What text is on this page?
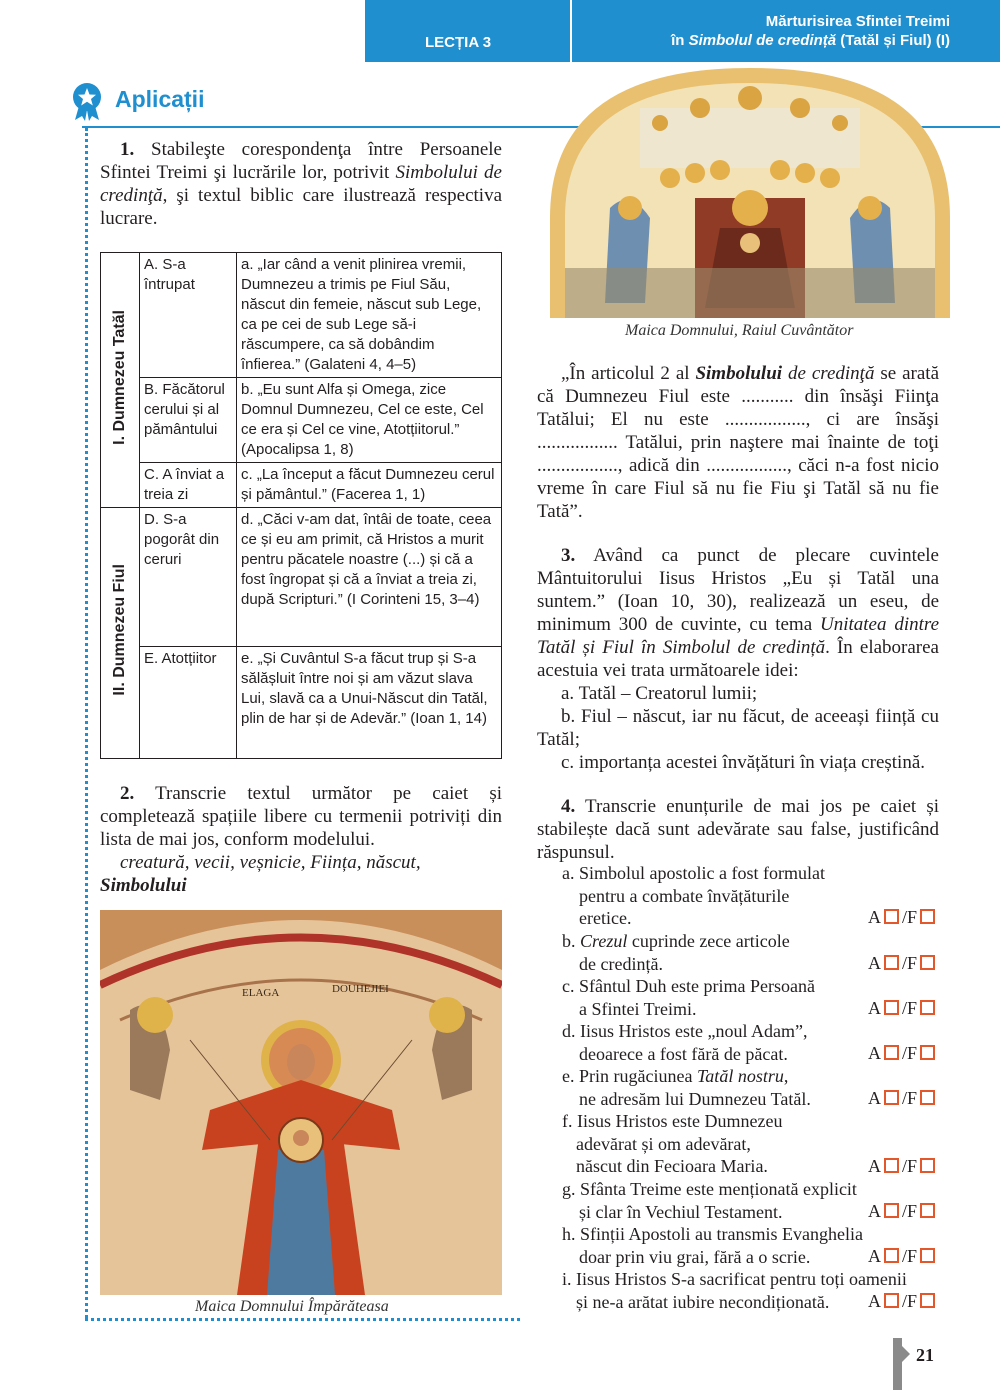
LECȚIA 3
Mărturisirea Sfintei Treimi
în Simbolul de credință (Tatăl și Fiul) (I)
Aplicații
1. Stabileşte corespondenţa între Persoanele Sfintei Treimi şi lucrările lor, potrivit Simbolului de credinţă, şi textul biblic care ilustrează respectiva lucrare.
I. Dumnezeu Tatăl	A. S-a întrupat	a. „Iar când a venit plinirea vremii, Dumnezeu a trimis pe Fiul Său, născut din femeie, născut sub Lege, ca pe cei de sub Lege să-i răscumpere, ca să dobândim înfierea.” (Galateni 4, 4–5)
	B. Făcătorul cerului și al pământului	b. „Eu sunt Alfa și Omega, zice Domnul Dumnezeu, Cel ce este, Cel ce era și Cel ce vine, Atotțiitorul.” (Apocalipsa 1, 8)
	C. A înviat a treia zi	c. „La început a făcut Dumnezeu cerul și pământul.” (Facerea 1, 1)
II. Dumnezeu Fiul	D. S-a pogorât din ceruri	d. „Căci v-am dat, întâi de toate, ceea ce și eu am primit, că Hristos a murit pentru păcatele noastre (...) și că a fost îngropat și că a înviat a treia zi, după Scripturi.” (I Corinteni 15, 3–4)
	E. Atotțiitor	e. „Și Cuvântul S-a făcut trup și S-a sălășluit între noi și am văzut slava Lui, slavă ca a Unui-Născut din Tatăl, plin de har și de Adevăr.” (Ioan 1, 14)
2. Transcrie textul următor pe caiet și completează spațiile libere cu termenii potriviți din lista de mai jos, conform modelului.
creatură, vecii, veșnicie, Ființa, născut,
Simbolului
ELAGA	DOUHEJIEI
Maica Domnului Împărăteasa
Maica Domnului, Raiul Cuvântător
„În articolul 2 al Simbolului de credinţă se arată că Dumnezeu Fiul este ........... din însăşi Fiinţa Tatălui; El nu este ................., ci are însăşi ................. Tatălui, prin naştere mai înainte de toţi ................., adică din ................., căci n-a fost nicio vreme în care Fiul să nu fie Fiu şi Tatăl să nu fie Tată”.
3. Având ca punct de plecare cuvintele Mântuitorului Iisus Hristos „Eu și Tatăl una suntem.” (Ioan 10, 30), realizează un eseu, de minimum 300 de cuvinte, cu tema Unitatea dintre Tatăl și Fiul în Simbolul de credință. În elaborarea acestuia vei trata următoarele idei:
a. Tatăl – Creatorul lumii;
b. Fiul – născut, iar nu făcut, de aceeași ființă cu Tatăl;
c. importanța acestei învățături în viața creștină.
4. Transcrie enunțurile de mai jos pe caiet și stabilește dacă sunt adevărate sau false, justificând răspunsul.
a. Simbolul apostolic a fost formulat
pentru a combate învățăturile
eretice.	A /F
b. Crezul cuprinde zece articole
de credință.	A /F
c. Sfântul Duh este prima Persoană
a Sfintei Treimi.	A /F
d. Iisus Hristos este „noul Adam”,
deoarece a fost fără de păcat.	A /F
e. Prin rugăciunea Tatăl nostru,
ne adresăm lui Dumnezeu Tatăl.	A /F
f. Iisus Hristos este Dumnezeu
adevărat și om adevărat,
născut din Fecioara Maria.	A /F
g. Sfânta Treime este menționată explicit
și clar în Vechiul Testament.	A /F
h. Sfinții Apostoli au transmis Evanghelia
doar prin viu grai, fără a o scrie.	A /F
i. Iisus Hristos S-a sacrificat pentru toți oamenii
și ne-a arătat iubire necondiționată.	A /F
21
